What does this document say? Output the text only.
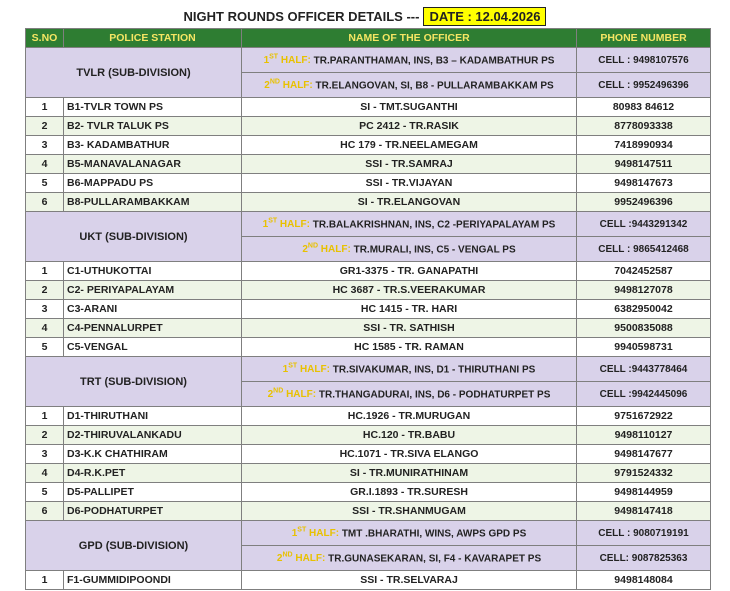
NIGHT ROUNDS OFFICER DETAILS --- DATE : 12.04.2026
S.NO	POLICE STATION	NAME OF THE OFFICER	PHONE NUMBER
TVLR (SUB-DIVISION)		1ST HALF: TR.PARANTHAMAN, INS, B3 – KADAMBATHUR PS	CELL : 9498107576
		2ND HALF: TR.ELANGOVAN, SI, B8 - PULLARAMBAKKAM PS	CELL : 9952496396
1	B1-TVLR TOWN PS	SI - TMT.SUGANTHI	80983 84612
2	B2- TVLR TALUK PS	PC 2412 - TR.RASIK	8778093338
3	B3- KADAMBATHUR	HC 179 - TR.NEELAMEGAM	7418990934
4	B5-MANAVALANAGAR	SSI - TR.SAMRAJ	9498147511
5	B6-MAPPADU PS	SSI - TR.VIJAYAN	9498147673
6	B8-PULLARAMBAKKAM	SI - TR.ELANGOVAN	9952496396
UKT (SUB-DIVISION)		1ST HALF: TR.BALAKRISHNAN, INS, C2 -PERIYAPALAYAM PS	CELL :9443291342
		2ND HALF: TR.MURALI, INS, C5 - VENGAL PS	CELL : 9865412468
1	C1-UTHUKOTTAI	GR1-3375 - TR. GANAPATHI	7042452587
2	C2- PERIYAPALAYAM	HC 3687 - TR.S.VEERAKUMAR	9498127078
3	C3-ARANI	HC 1415 - TR. HARI	6382950042
4	C4-PENNALURPET	SSI - TR. SATHISH	9500835088
5	C5-VENGAL	HC 1585 - TR. RAMAN	9940598731
TRT (SUB-DIVISION)		1ST HALF: TR.SIVAKUMAR, INS, D1 - THIRUTHANI PS	CELL :9443778464
		2ND HALF: TR.THANGADURAI, INS, D6 - PODHATURPET PS	CELL :9942445096
1	D1-THIRUTHANI	HC.1926 - TR.MURUGAN	9751672922
2	D2-THIRUVALANKADU	HC.120 - TR.BABU	9498110127
3	D3-K.K CHATHIRAM	HC.1071 - TR.SIVA ELANGO	9498147677
4	D4-R.K.PET	SI - TR.MUNIRATHINAM	9791524332
5	D5-PALLIPET	GR.I.1893 - TR.SURESH	9498144959
6	D6-PODHATURPET	SSI - TR.SHANMUGAM	9498147418
GPD (SUB-DIVISION)		1ST HALF: TMT .BHARATHI, WINS, AWPS GPD PS	CELL : 9080719191
		2ND HALF: TR.GUNASEKARAN, SI, F4 - KAVARAPET PS	CELL: 9087825363
1	F1-GUMMIDIPOONDI	SSI - TR.SELVARAJ	9498148084
